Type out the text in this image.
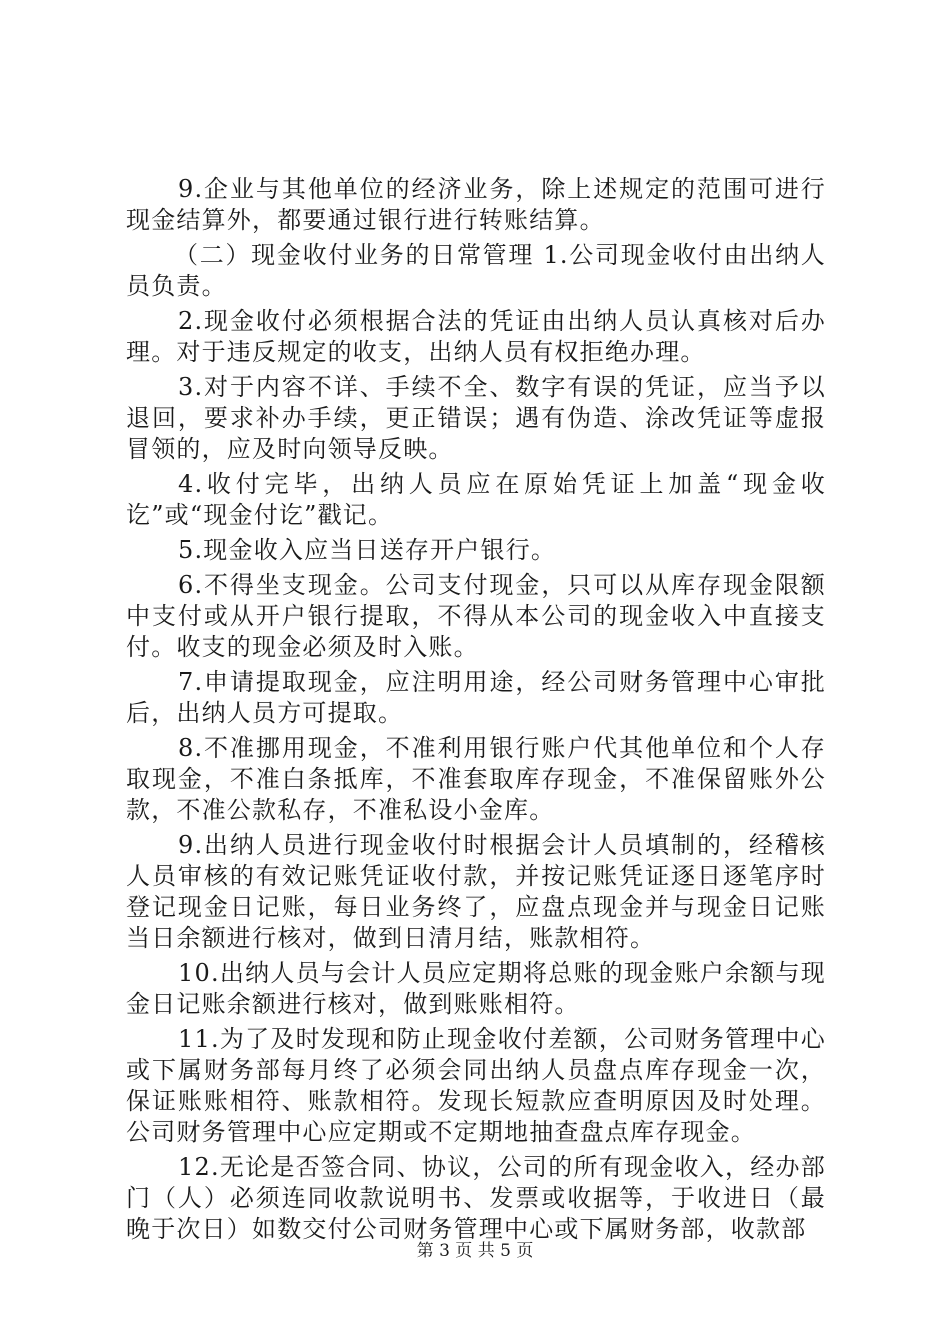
9.企业与其他单位的经济业务，除上述规定的范围可进行现金结算外，都要通过银行进行转账结算。

（二）现金收付业务的日常管理 1.公司现金收付由出纳人员负责。

2.现金收付必须根据合法的凭证由出纳人员认真核对后办理。对于违反规定的收支，出纳人员有权拒绝办理。

3.对于内容不详、手续不全、数字有误的凭证，应当予以退回，要求补办手续，更正错误；遇有伪造、涂改凭证等虚报冒领的，应及时向领导反映。

4.收付完毕，出纳人员应在原始凭证上加盖“现金收讫”或“现金付讫”戳记。

5.现金收入应当日送存开户银行。

6.不得坐支现金。公司支付现金，只可以从库存现金限额中支付或从开户银行提取，不得从本公司的现金收入中直接支付。收支的现金必须及时入账。

7.申请提取现金，应注明用途，经公司财务管理中心审批后，出纳人员方可提取。

8.不准挪用现金，不准利用银行账户代其他单位和个人存取现金，不准白条抵库，不准套取库存现金，不准保留账外公款，不准公款私存，不准私设小金库。

9.出纳人员进行现金收付时根据会计人员填制的，经稽核人员审核的有效记账凭证收付款，并按记账凭证逐日逐笔序时登记现金日记账，每日业务终了，应盘点现金并与现金日记账当日余额进行核对，做到日清月结，账款相符。

10.出纳人员与会计人员应定期将总账的现金账户余额与现金日记账余额进行核对，做到账账相符。

11.为了及时发现和防止现金收付差额，公司财务管理中心或下属财务部每月终了必须会同出纳人员盘点库存现金一次，保证账账相符、账款相符。发现长短款应查明原因及时处理。公司财务管理中心应定期或不定期地抽查盘点库存现金。

12.无论是否签合同、协议，公司的所有现金收入，经办部门（人）必须连同收款说明书、发票或收据等，于收进日（最晚于次日）如数交付公司财务管理中心或下属财务部，收款部

第 3 页 共 5 页
